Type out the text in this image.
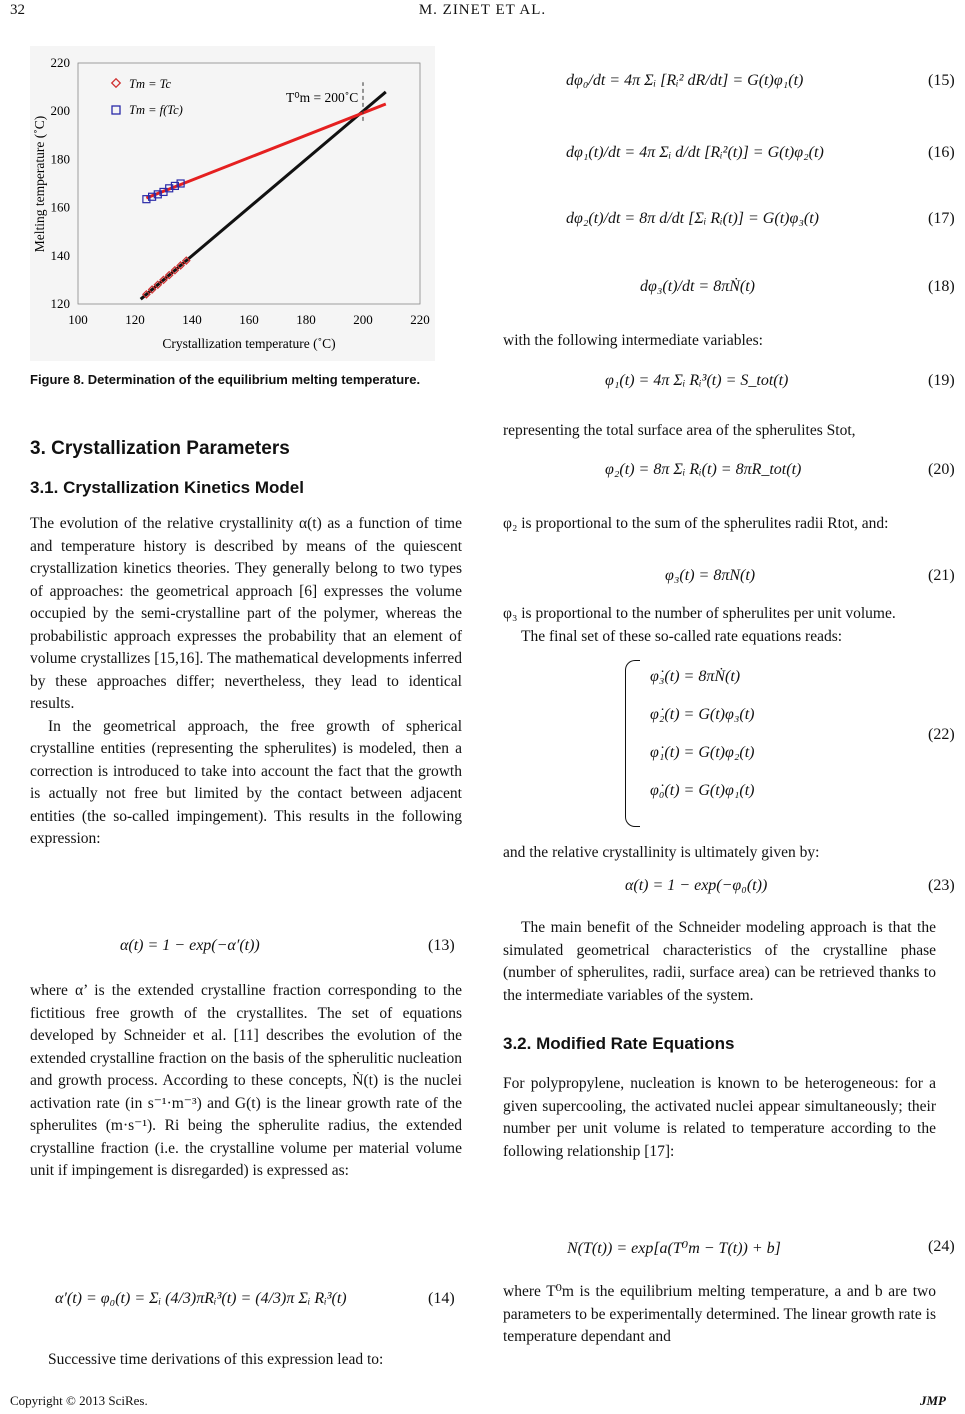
32	M. ZINET ET AL.
100	120	140	160	180	200	220
120
140
160
180
200
220
Crystallization temperature (˚C)
Melting temperature (˚C)
Tm = Tc
Tm = f(Tc)
T⁰m = 200˚C
Figure 8. Determination of the equilibrium melting temperature.
3. Crystallization Parameters
3.1. Crystallization Kinetics Model

The evolution of the relative crystallinity α(t) as a function of time and temperature history is described by means of the quiescent crystallization kinetics theories. They generally belong to two types of approaches: the geometrical approach [6] expresses the volume occupied by the semi-crystalline part of the polymer, whereas the probabilistic approach expresses the probability that an element of volume crystallizes [15,16]. The mathematical developments inferred by these approaches differ; nevertheless, they lead to identical results.

In the geometrical approach, the free growth of spherical crystalline entities (representing the spherulites) is modeled, then a correction is introduced to take into account the fact that the growth is actually not free but limited by the contact between adjacent entities (the so-called impingement). This results in the following expression:

α(t) = 1 − exp(−α′(t))	(13)

where α’ is the extended crystalline fraction corresponding to the fictitious free growth of the crystallites. The set of equations developed by Schneider et al. [11] describes the evolution of the extended crystalline fraction on the basis of the spherulitic nucleation and growth process. According to these concepts, Ṅ(t) is the nuclei activation rate (in s⁻¹·m⁻³) and G(t) is the linear growth rate of the spherulites (m·s⁻¹). Ri being the spherulite radius, the extended crystalline fraction (i.e. the crystalline volume per material volume unit if impingement is disregarded) is expressed as:

α′(t) = φ₀(t) = Σᵢ (4/3)πRᵢ³(t) = (4/3)π Σᵢ Rᵢ³(t)	(14)

Successive time derivations of this expression lead to:

dφ₀/dt = 4π Σᵢ [Rᵢ² dR/dt] = G(t)φ₁(t)	(15)
dφ₁(t)/dt = 4π Σᵢ d/dt [Rᵢ²(t)] = G(t)φ₂(t)	(16)
dφ₂(t)/dt = 8π d/dt [Σᵢ Rᵢ(t)] = G(t)φ₃(t)	(17)
dφ₃(t)/dt = 8πṄ(t)	(18)

with the following intermediate variables:

φ₁(t) = 4π Σᵢ Rᵢ³(t) = S_tot(t)	(19)

representing the total surface area of the spherulites Stot,

φ₂(t) = 8π Σᵢ Rᵢ(t) = 8πR_tot(t)	(20)

φ₂ is proportional to the sum of the spherulites radii Rtot, and:

φ₃(t) = 8πN(t)	(21)

φ₃ is proportional to the number of spherulites per unit volume.

The final set of these so-called rate equations reads:

φ̇₃(t) = 8πṄ(t)
φ̇₂(t) = G(t)φ₃(t)
φ̇₁(t) = G(t)φ₂(t)
φ̇₀(t) = G(t)φ₁(t)
(22)

and the relative crystallinity is ultimately given by:

α(t) = 1 − exp(−φ₀(t))	(23)

The main benefit of the Schneider modeling approach is that the simulated geometrical characteristics of the crystalline phase (number of spherulites, radii, surface area) can be retrieved thanks to the intermediate variables of the system.

3.2. Modified Rate Equations

For polypropylene, nucleation is known to be heterogeneous: for a given supercooling, the activated nuclei appear simultaneously; their number per unit volume is related to temperature according to the following relationship [17]:

N(T(t)) = exp[a(T⁰m − T(t)) + b]	(24)

where T⁰m is the equilibrium melting temperature, a and b are two parameters to be experimentally determined. The linear growth rate is temperature dependant and

Copyright © 2013 SciRes.	JMP
